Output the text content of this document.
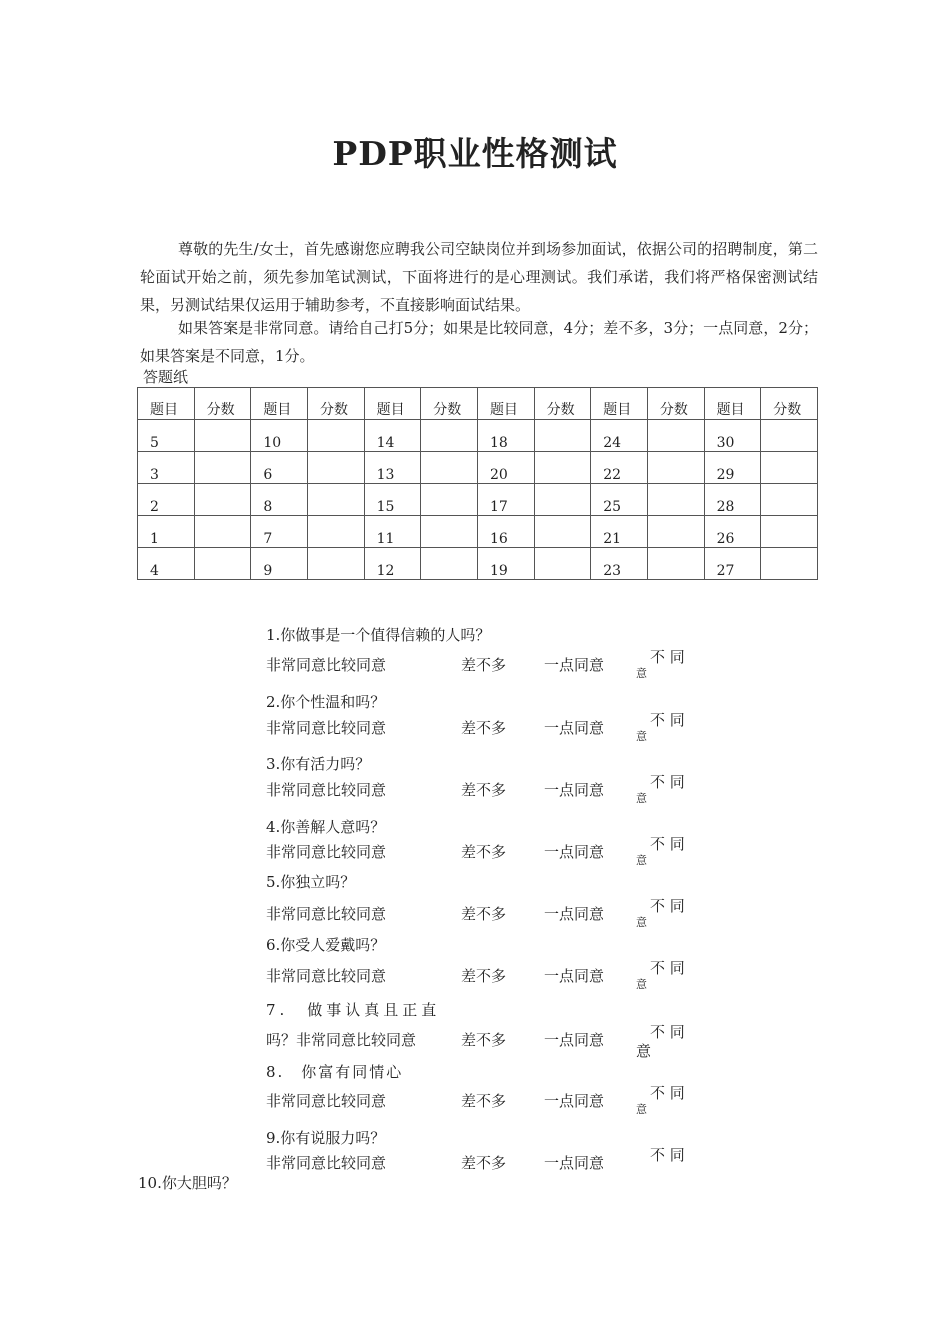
PDP职业性格测试

尊敬的先生/女士，首先感谢您应聘我公司空缺岗位并到场参加面试，依据公司的招聘制度，第二轮面试开始之前，须先参加笔试测试，下面将进行的是心理测试。我们承诺，我们将严格保密测试结果，另测试结果仅运用于辅助参考，不直接影响面试结果。

如果答案是非常同意。请给自己打5分；如果是比较同意，4分；差不多，3分；一点同意，2分；如果答案是不同意，1分。

答题纸
题目	分数	题目	分数	题目	分数	题目	分数	题目	分数	题目	分数
5		10		14		18		24		30	
3		6		13		20		22		29	
2		8		15		17		25		28	
1		7		11		16		21		26	
4		9		12		19		23		27	
1.你做事是一个值得信赖的人吗？
非常同意比较同意	差不多	一点同意	不 同
意
2.你个性温和吗？
非常同意比较同意	差不多	一点同意	不 同
意
3.你有活力吗？
非常同意比较同意	差不多	一点同意	不 同
意
4.你善解人意吗？
非常同意比较同意	差不多	一点同意	不 同
意
5.你独立吗？
非常同意比较同意	差不多	一点同意	不 同
意
6.你受人爱戴吗？
非常同意比较同意	差不多	一点同意	不 同
意
7.　做事认真且正直
吗？非常同意比较同意	差不多	一点同意	不 同
意
8.　你富有同情心
非常同意比较同意	差不多	一点同意	不 同
意
9.你有说服力吗？
非常同意比较同意	差不多	一点同意	不 同
10.你大胆吗？
